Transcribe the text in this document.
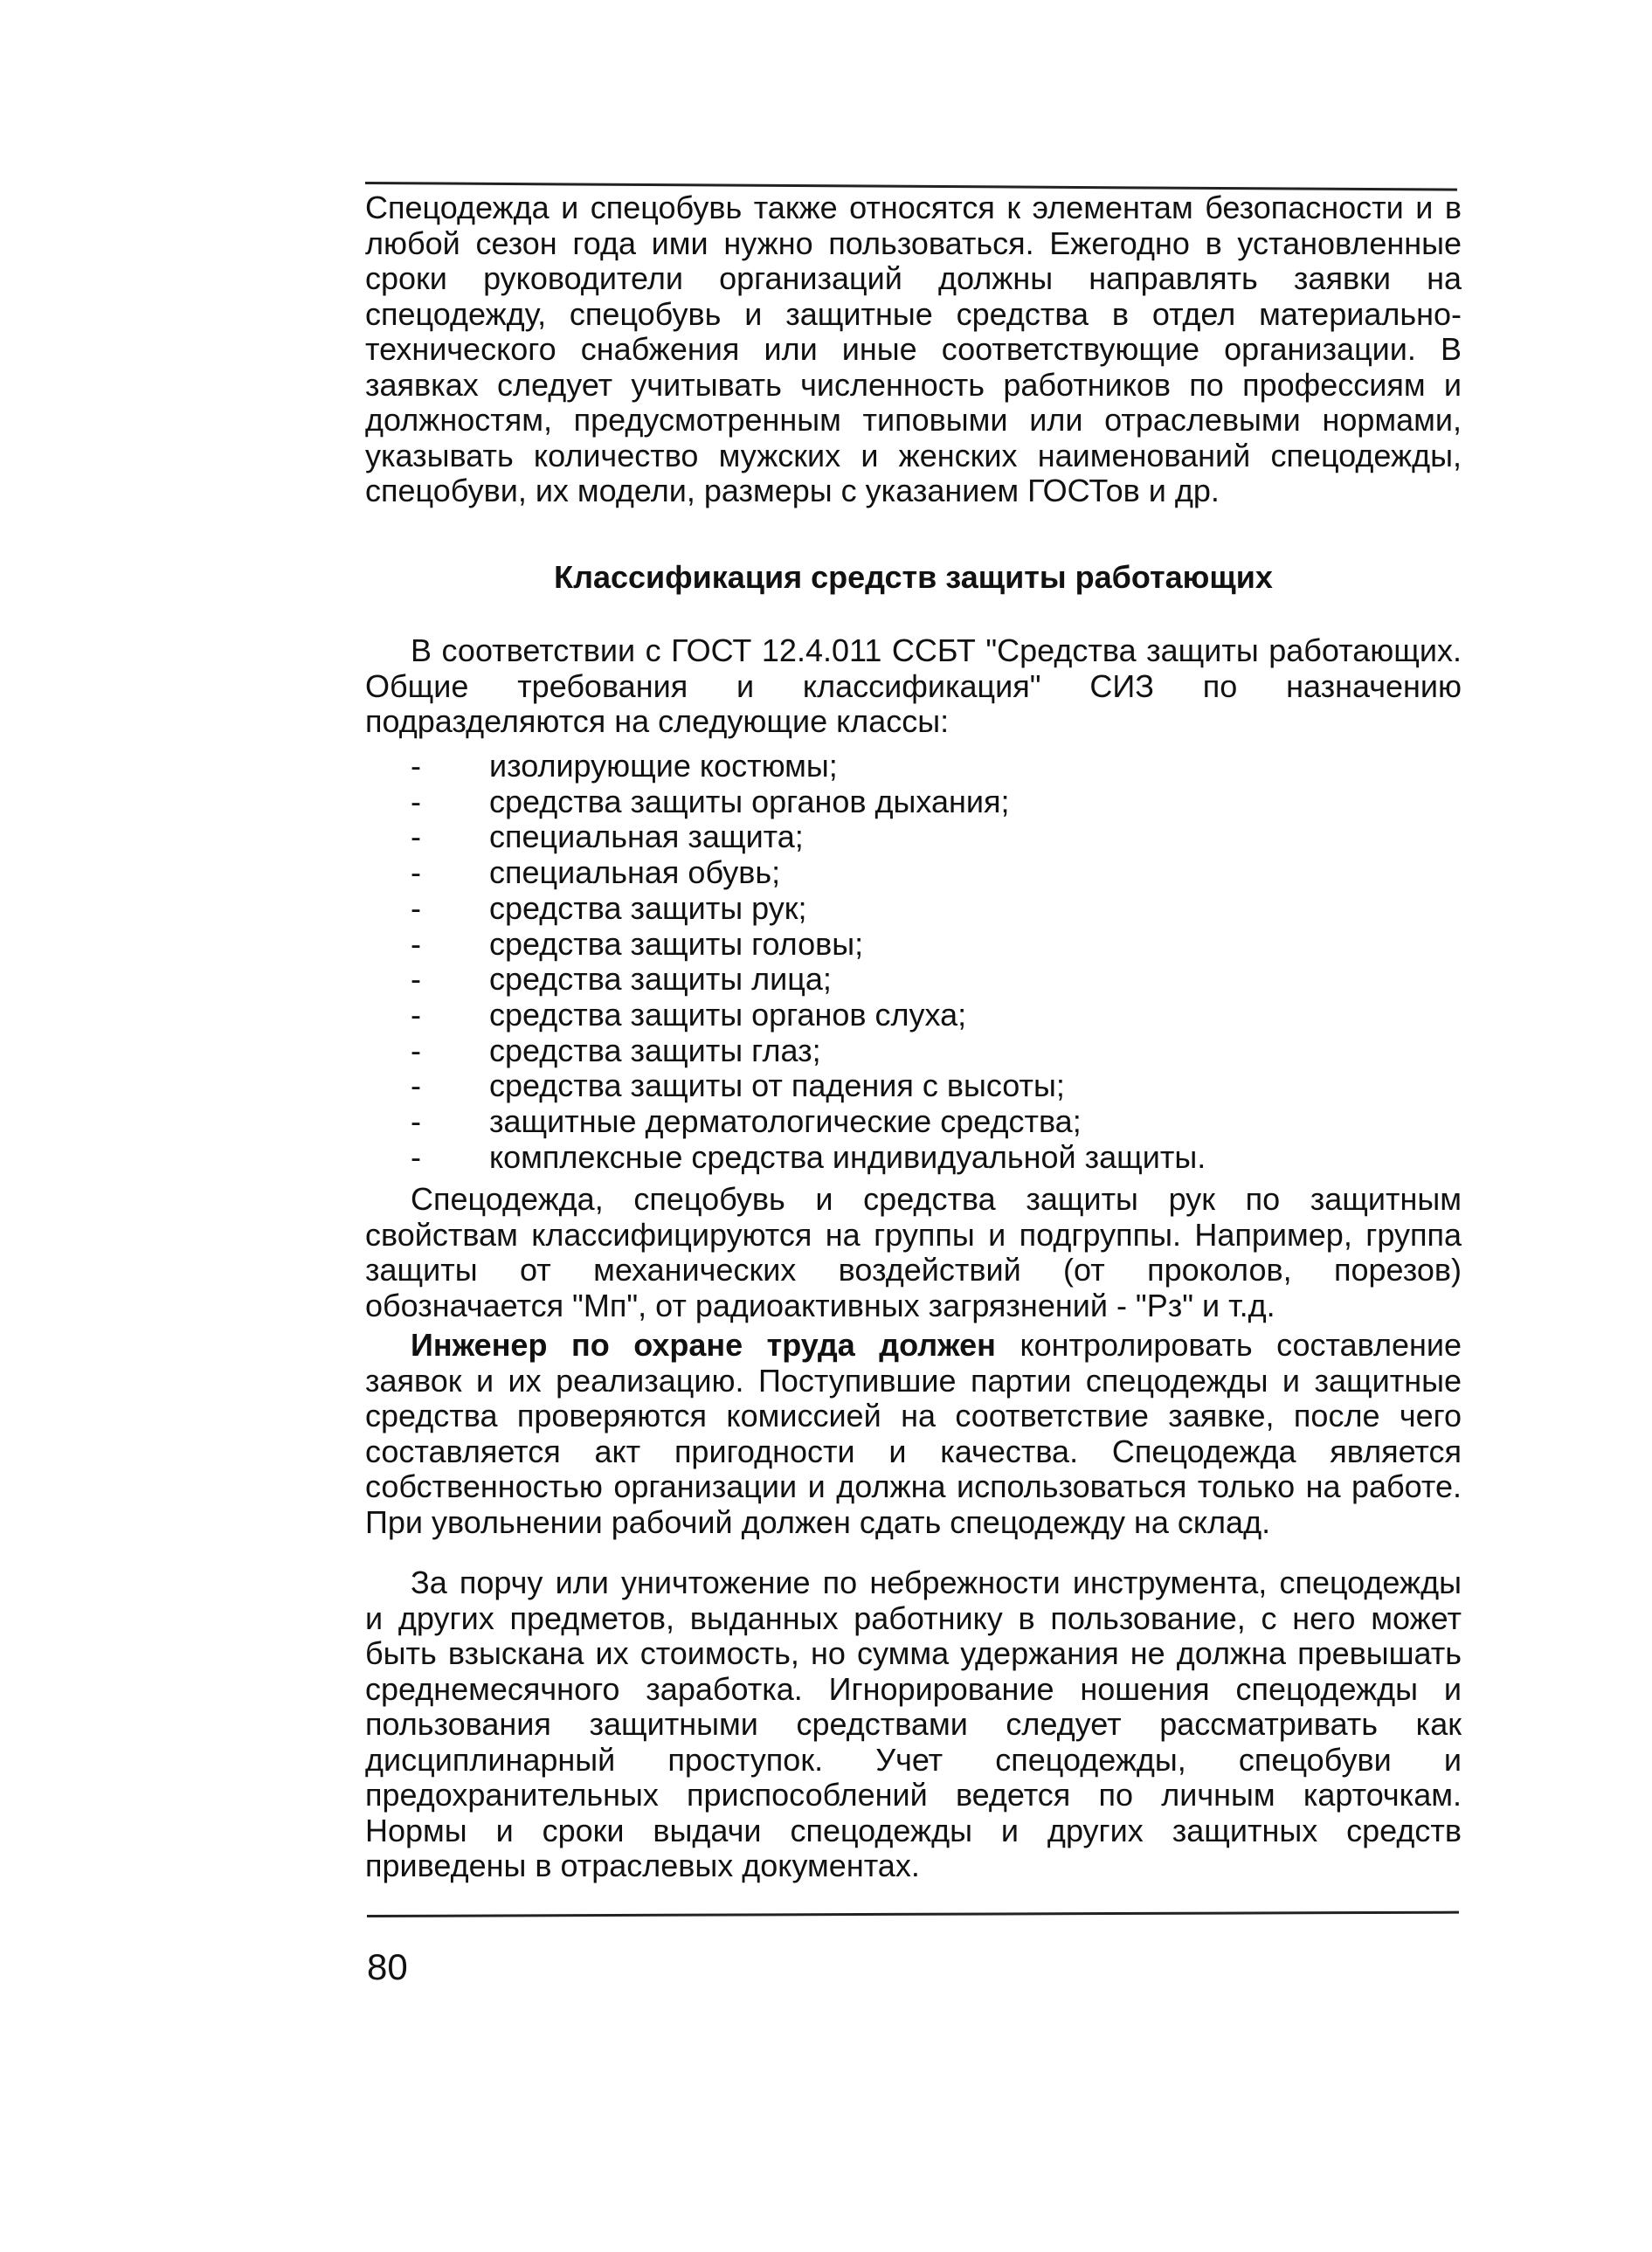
Спецодежда и спецобувь также относятся к элементам безопасности и в любой сезон года ими нужно пользоваться. Ежегодно в установленные сроки руководители организаций должны направлять заявки на спецодежду, спецобувь и защитные средства в отдел материально-технического снабжения или иные соответствующие организации. В заявках следует учитывать численность работников по профессиям и должностям, предусмотренным типовыми или отраслевыми нормами, указывать количество мужских и женских наименований спецодежды, спецобуви, их модели, размеры с указанием ГОСТов и др.
Классификация средств защиты работающих
В соответствии с ГОСТ 12.4.011 ССБТ "Средства защиты работающих. Общие требования и классификация" СИЗ по назначению подразделяются на следующие классы:
- изолирующие костюмы;
- средства защиты органов дыхания;
- специальная защита;
- специальная обувь;
- средства защиты рук;
- средства защиты головы;
- средства защиты лица;
- средства защиты органов слуха;
- средства защиты глаз;
- средства защиты от падения с высоты;
- защитные дерматологические средства;
- комплексные средства индивидуальной защиты.
Спецодежда, спецобувь и средства защиты рук по защитным свойствам классифицируются на группы и подгруппы. Например, группа защиты от механических воздействий (от проколов, порезов) обозначается "Мп", от радиоактивных загрязнений - "Рз" и т.д.
Инженер по охране труда должен контролировать составление заявок и их реализацию. Поступившие партии спецодежды и защитные средства проверяются комиссией на соответствие заявке, после чего составляется акт пригодности и качества. Спецодежда является собственностью организации и должна использоваться только на работе. При увольнении рабочий должен сдать спецодежду на склад.
За порчу или уничтожение по небрежности инструмента, спецодежды и других предметов, выданных работнику в пользование, с него может быть взыскана их стоимость, но сумма удержания не должна превышать среднемесячного заработка. Игнорирование ношения спецодежды и пользования защитными средствами следует рассматривать как дисциплинарный проступок. Учет спецодежды, спецобуви и предохранительных приспособлений ведется по личным карточкам. Нормы и сроки выдачи спецодежды и других защитных средств приведены в отраслевых документах.
80
